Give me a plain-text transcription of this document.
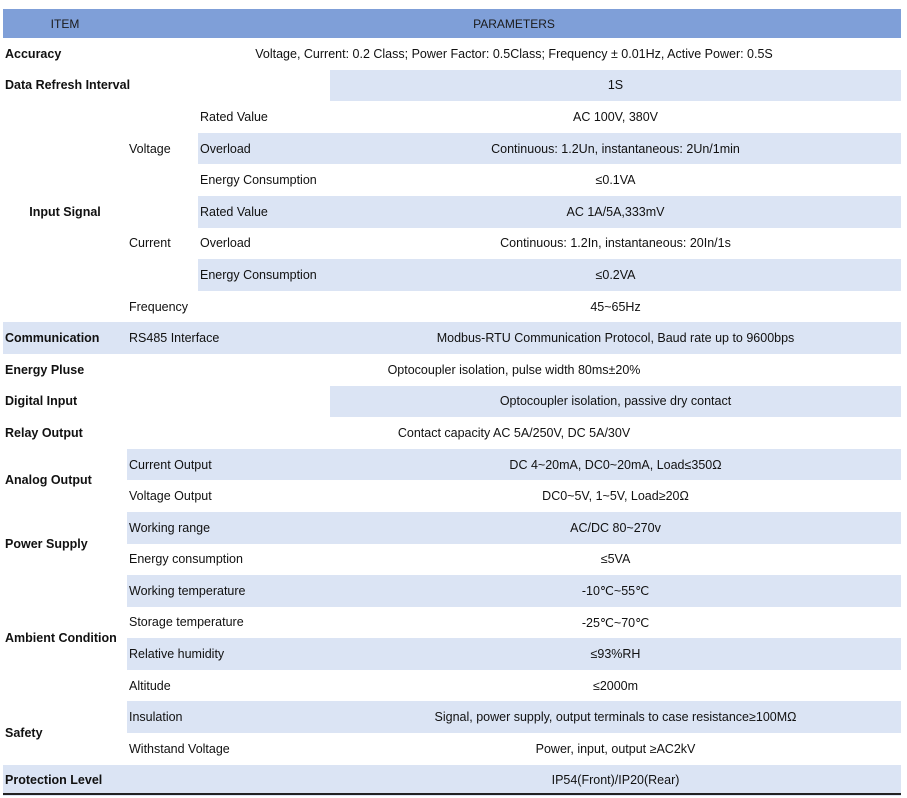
ITEM	PARAMETERS		
Accuracy	Voltage, Current: 0.2 Class; Power Factor: 0.5Class; Frequency ± 0.01Hz, Active Power: 0.5S		
Data Refresh Interval			1S
Input Signal	Voltage	Rated Value	AC 100V, 380V
		Overload	Continuous: 1.2Un, instantaneous: 2Un/1min
		Energy Consumption	≤0.1VA
	Current	Rated Value	AC 1A/5A,333mV
		Overload	Continuous: 1.2In, instantaneous: 20In/1s
		Energy Consumption	≤0.2VA
	Frequency		45~65Hz
Communication	RS485 Interface		Modbus-RTU Communication Protocol, Baud rate up to 9600bps
Energy Pluse	Optocoupler isolation, pulse width 80ms±20%		
Digital Input			Optocoupler isolation, passive dry contact
Relay Output	Contact capacity AC 5A/250V, DC 5A/30V		
Analog Output	Current Output		DC 4~20mA, DC0~20mA, Load≤350Ω
	Voltage Output		DC0~5V, 1~5V, Load≥20Ω
Power Supply	Working range		AC/DC 80~270v
	Energy consumption		≤5VA
Ambient Condition	Working temperature		-10℃~55℃
	Storage temperature		-25℃~70℃
	Relative humidity		≤93%RH
	Altitude		≤2000m
Safety	Insulation		Signal, power supply, output terminals to case resistance≥100MΩ
	Withstand Voltage		Power, input, output ≥AC2kV
Protection Level			IP54(Front)/IP20(Rear)
